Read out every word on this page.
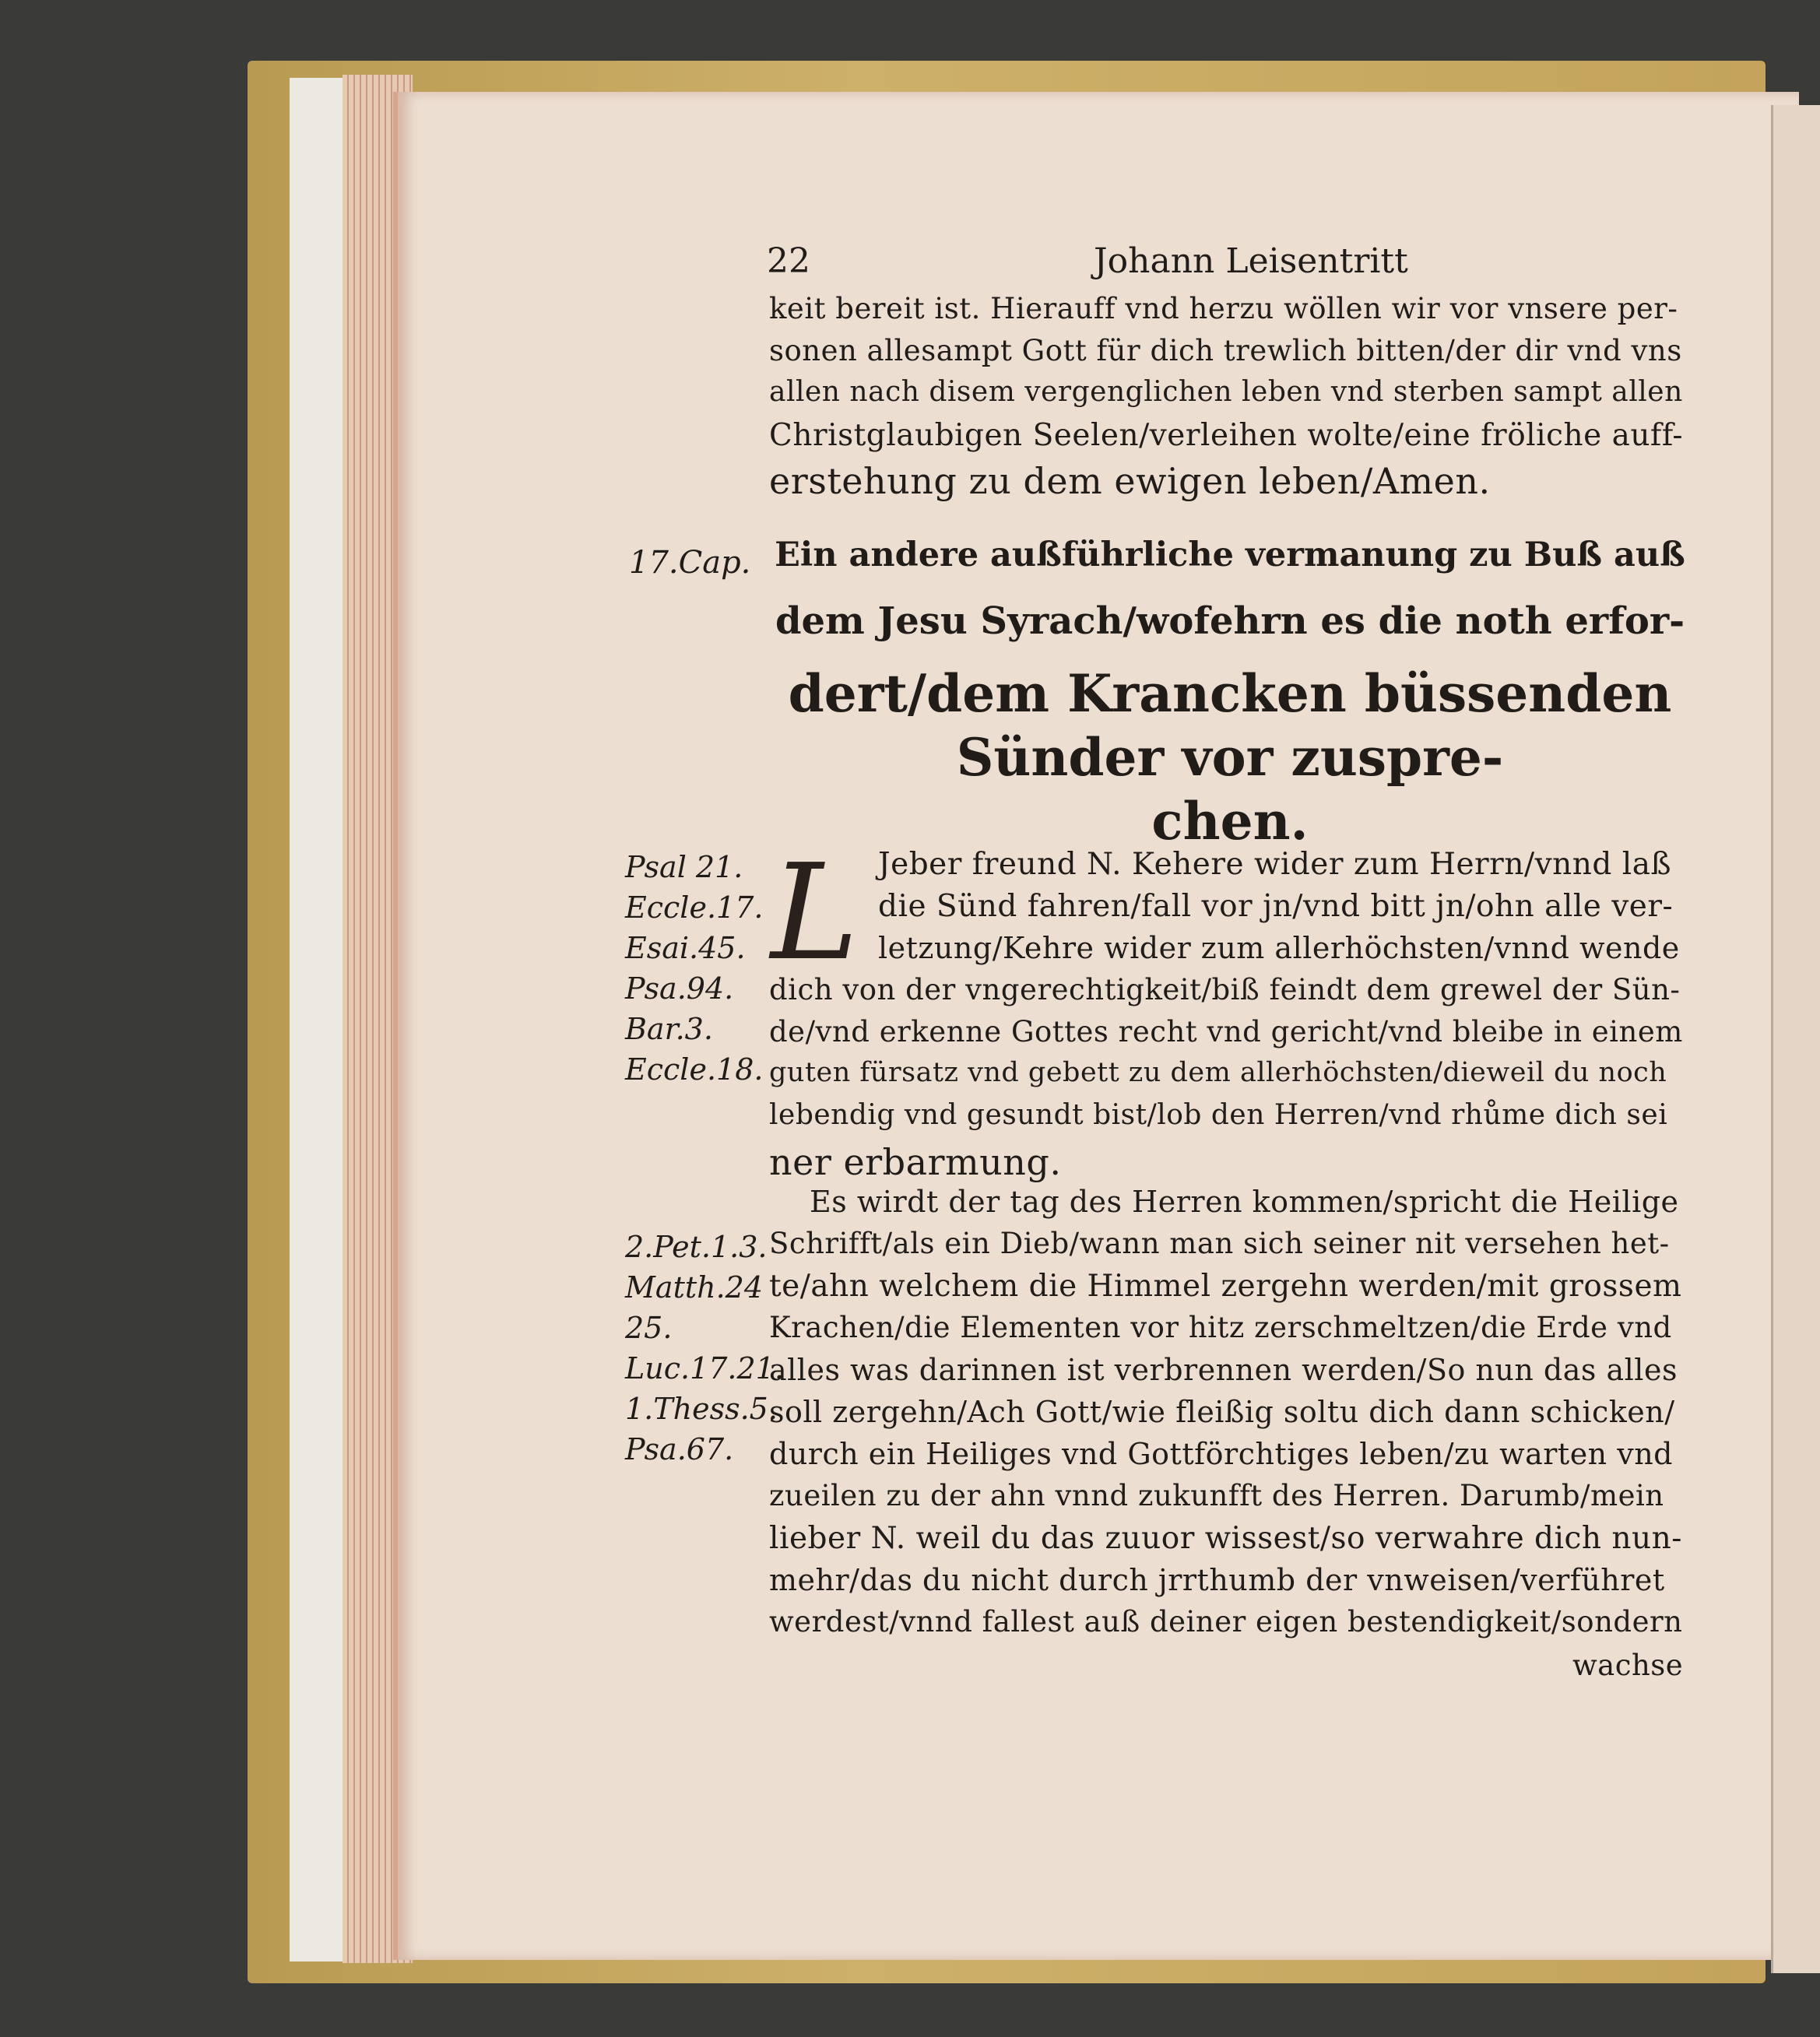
22	Johann Leisentritt
keit bereit ist. Hierauff vnd herzu wöllen wir vor vnsere per-
sonen allesampt Gott für dich trewlich bitten/der dir vnd vns
allen nach disem vergenglichen leben vnd sterben sampt allen
Christglaubigen Seelen/verleihen wolte/eine fröliche auff-
erstehung zu dem ewigen leben/Amen.
17.Cap. Ein andere außführliche vermanung zu Buß auß
dem Jesu Syrach/wofehrn es die noth erfor-
dert/dem Krancken büssenden
Sünder vor zuspre-
chen.
Psal 21.
Eccle.17.
Esai.45.
Psa.94.
Bar.3.
Eccle.18.
L Jeber freund N. Kehere wider zum Herrn/vnnd laß
die Sünd fahren/fall vor jn/vnd bitt jn/ohn alle ver-
letzung/Kehre wider zum allerhöchsten/vnnd wende
dich von der vngerechtigkeit/biß feindt dem grewel der Sün-
de/vnd erkenne Gottes recht vnd gericht/vnd bleibe in einem
guten fürsatz vnd gebett zu dem allerhöchsten/dieweil du noch
lebendig vnd gesundt bist/lob den Herren/vnd rhůme dich sei
ner erbarmung.
2.Pet.1.3.
Matth.24
25.
Luc.17.21.
1.Thess.5.
Psa.67.
Es wirdt der tag des Herren kommen/spricht die Heilige
Schrifft/als ein Dieb/wann man sich seiner nit versehen het-
te/ahn welchem die Himmel zergehn werden/mit grossem
Krachen/die Elementen vor hitz zerschmeltzen/die Erde vnd
alles was darinnen ist verbrennen werden/So nun das alles
soll zergehn/Ach Gott/wie fleißig soltu dich dann schicken/
durch ein Heiliges vnd Gottförchtiges leben/zu warten vnd
zueilen zu der ahn vnnd zukunfft des Herren. Darumb/mein
lieber N. weil du das zuuor wissest/so verwahre dich nun-
mehr/das du nicht durch jrrthumb der vnweisen/verführet
werdest/vnnd fallest auß deiner eigen bestendigkeit/sondern
wachse
